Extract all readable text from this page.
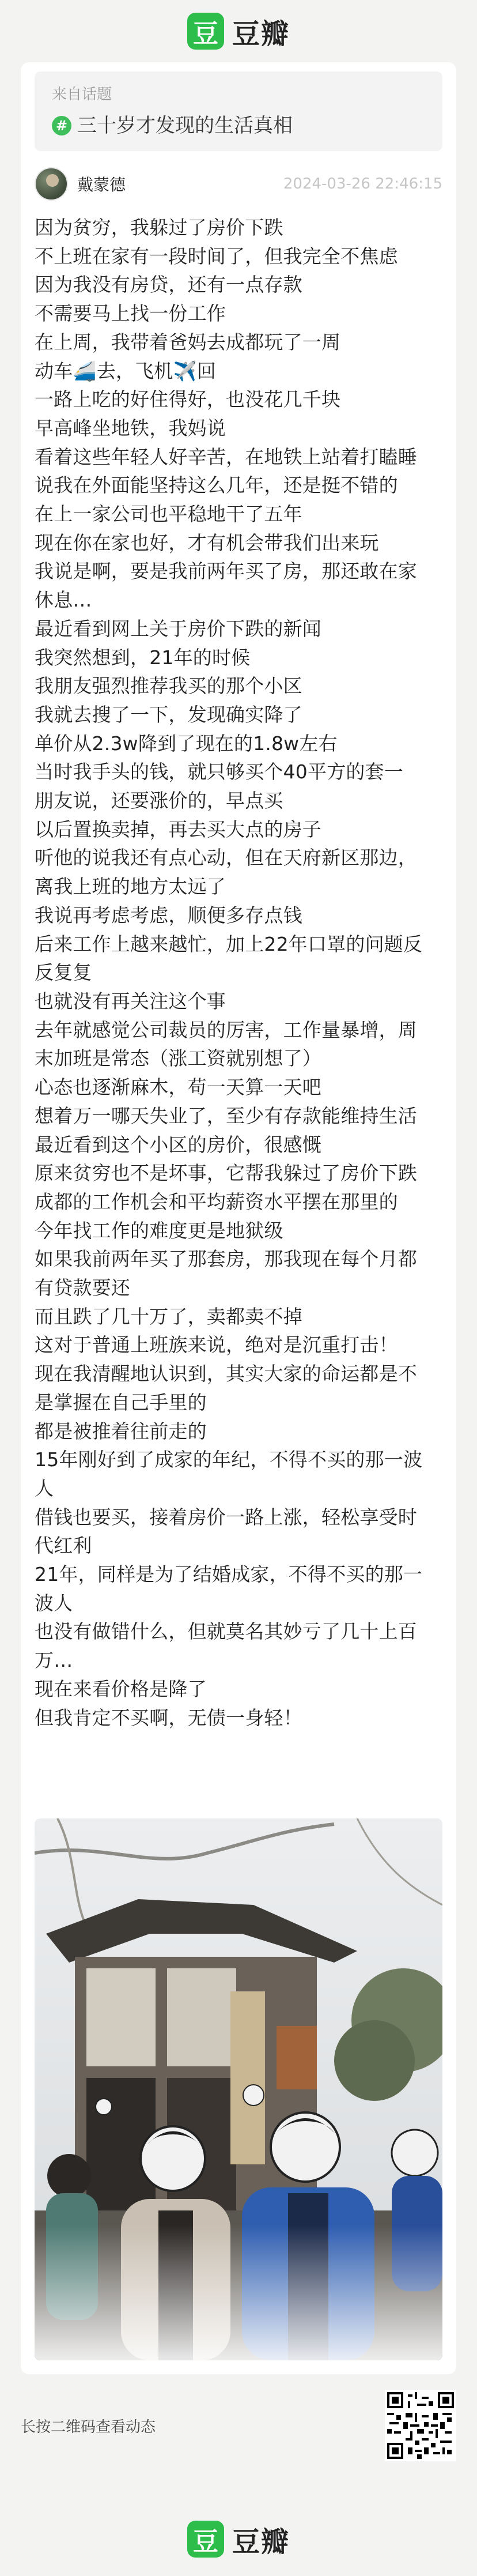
豆 豆瓣
来自话题
# 三十岁才发现的生活真相
戴蒙德	2024-03-26 22:46:15
因为贫穷，我躲过了房价下跌
不上班在家有一段时间了，但我完全不焦虑
因为我没有房贷，还有一点存款
不需要马上找一份工作
在上周，我带着爸妈去成都玩了一周
动车🚄去，飞机✈️回
一路上吃的好住得好，也没花几千块
早高峰坐地铁，我妈说
看着这些年轻人好辛苦，在地铁上站着打瞌睡
说我在外面能坚持这么几年，还是挺不错的
在上一家公司也平稳地干了五年
现在你在家也好，才有机会带我们出来玩
我说是啊，要是我前两年买了房，那还敢在家
休息…
最近看到网上关于房价下跌的新闻
我突然想到，21年的时候
我朋友强烈推荐我买的那个小区
我就去搜了一下，发现确实降了
单价从2.3w降到了现在的1.8w左右
当时我手头的钱，就只够买个40平方的套一
朋友说，还要涨价的，早点买
以后置换卖掉，再去买大点的房子
听他的说我还有点心动，但在天府新区那边，
离我上班的地方太远了
我说再考虑考虑，顺便多存点钱
后来工作上越来越忙，加上22年口罩的问题反
反复复
也就没有再关注这个事
去年就感觉公司裁员的厉害，工作量暴增，周
末加班是常态（涨工资就别想了）
心态也逐渐麻木，苟一天算一天吧
想着万一哪天失业了，至少有存款能维持生活
最近看到这个小区的房价，很感慨
原来贫穷也不是坏事，它帮我躲过了房价下跌
成都的工作机会和平均薪资水平摆在那里的
今年找工作的难度更是地狱级
如果我前两年买了那套房，那我现在每个月都
有贷款要还
而且跌了几十万了，卖都卖不掉
这对于普通上班族来说，绝对是沉重打击！
现在我清醒地认识到，其实大家的命运都是不
是掌握在自己手里的
都是被推着往前走的
15年刚好到了成家的年纪，不得不买的那一波
人
借钱也要买，接着房价一路上涨，轻松享受时
代红利
21年，同样是为了结婚成家，不得不买的那一
波人
也没有做错什么，但就莫名其妙亏了几十上百
万…
现在来看价格是降了
但我肯定不买啊，无债一身轻！
长按二维码查看动态
豆 豆瓣
